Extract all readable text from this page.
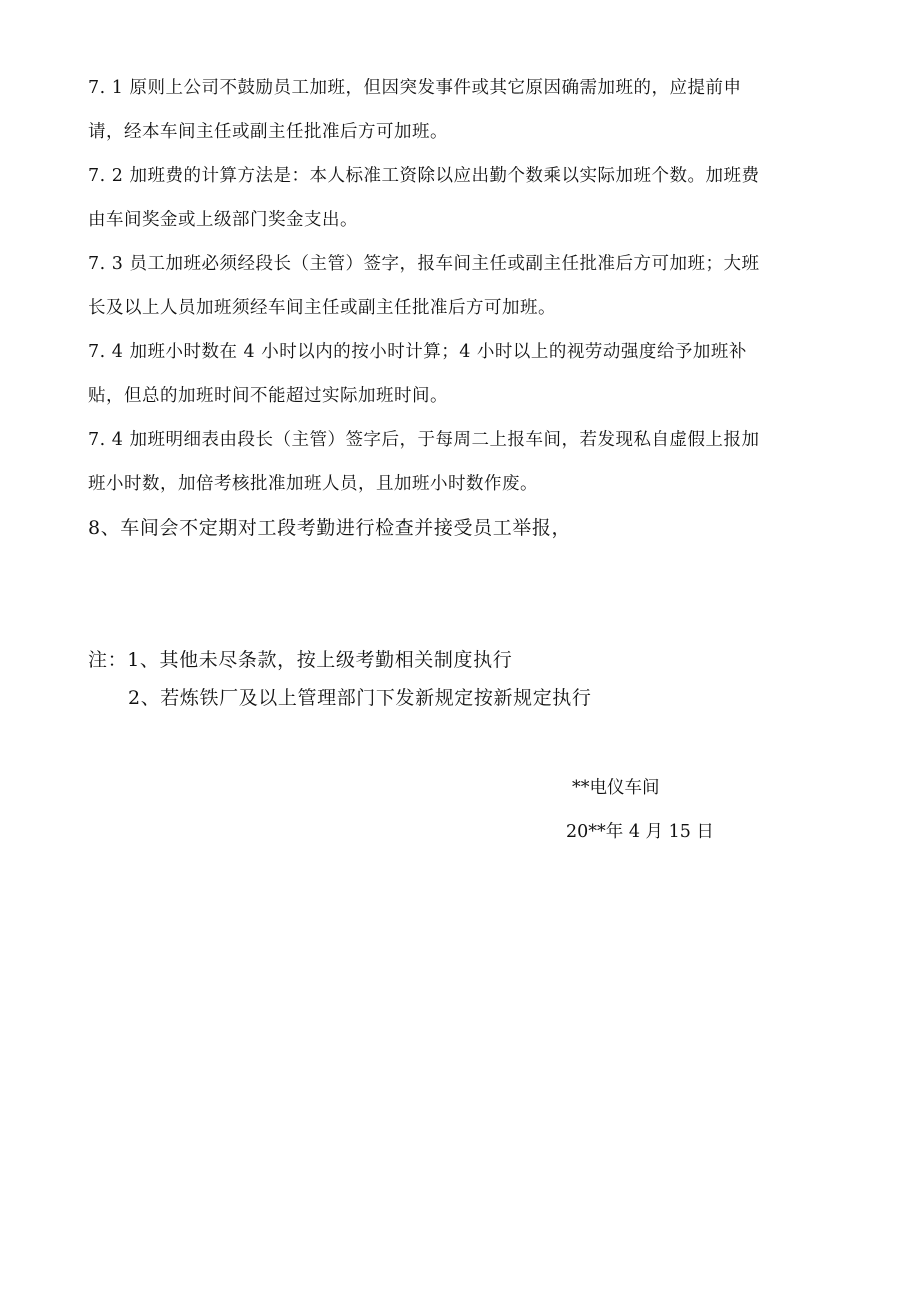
7. 1 原则上公司不鼓励员工加班，但因突发事件或其它原因确需加班的，应提前申
请，经本车间主任或副主任批准后方可加班。
7. 2 加班费的计算方法是：本人标准工资除以应出勤个数乘以实际加班个数。加班费
由车间奖金或上级部门奖金支出。
7. 3 员工加班必须经段长（主管）签字，报车间主任或副主任批准后方可加班；大班
长及以上人员加班须经车间主任或副主任批准后方可加班。
7. 4 加班小时数在 4 小时以内的按小时计算；4 小时以上的视劳动强度给予加班补
贴，但总的加班时间不能超过实际加班时间。
7. 4 加班明细表由段长（主管）签字后，于每周二上报车间，若发现私自虚假上报加
班小时数，加倍考核批准加班人员，且加班小时数作废。
8、车间会不定期对工段考勤进行检查并接受员工举报，
注：1、其他未尽条款，按上级考勤相关制度执行
2、若炼铁厂及以上管理部门下发新规定按新规定执行
**电仪车间
20**年 4 月 15 日
